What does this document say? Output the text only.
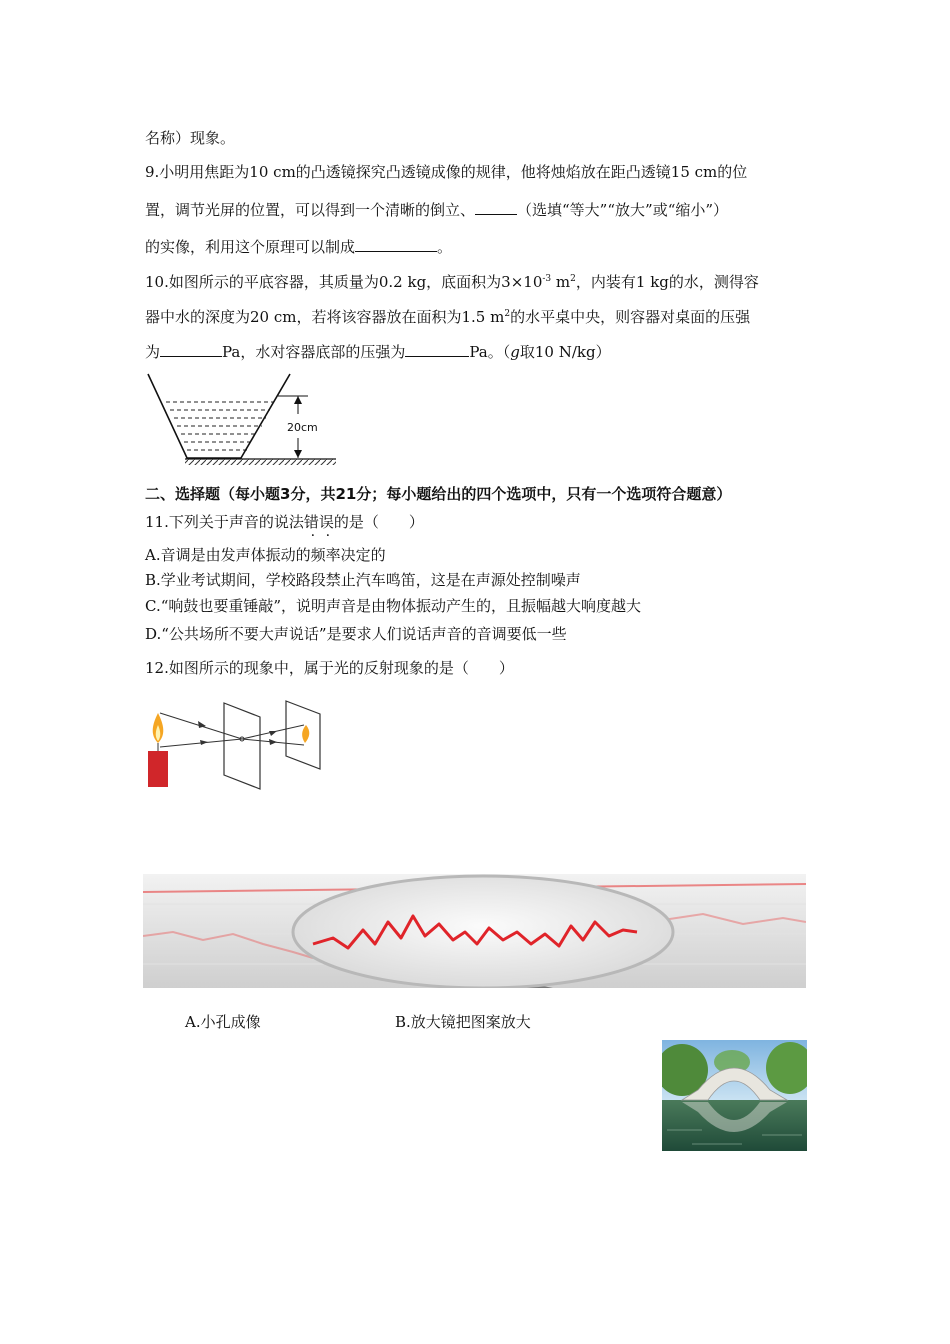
名称）现象。
9.小明用焦距为10 cm的凸透镜探究凸透镜成像的规律，他将烛焰放在距凸透镜15 cm的位
置，调节光屏的位置，可以得到一个清晰的倒立、	（选填“等大”“放大”或“缩小”）
的实像，利用这个原理可以制成	。
10.如图所示的平底容器，其质量为0.2 kg，底面积为$3\times 10^{-3}$ $m^2$，内装有1 kg的水，测得容
器中水的深度为20 cm，若将该容器放在面积为1.5 $m^2$的水平桌中央，则容器对桌面的压强
为	Pa，水对容器底部的压强为	Pa。（g取10 N/kg）
20cm
二、选择题（每小题3分，共21分；每小题给出的四个选项中，只有一个选项符合题意）
11.下列关于声音的说法错误的是（　　）
A.音调是由发声体振动的频率决定的
B.学业考试期间，学校路段禁止汽车鸣笛，这是在声源处控制噪声
C.“响鼓也要重锤敲”，说明声音是由物体振动产生的，且振幅越大响度越大
D.“公共场所不要大声说话”是要求人们说话声音的音调要低一些
12.如图所示的现象中，属于光的反射现象的是（　　）
A.小孔成像	B.放大镜把图案放大
